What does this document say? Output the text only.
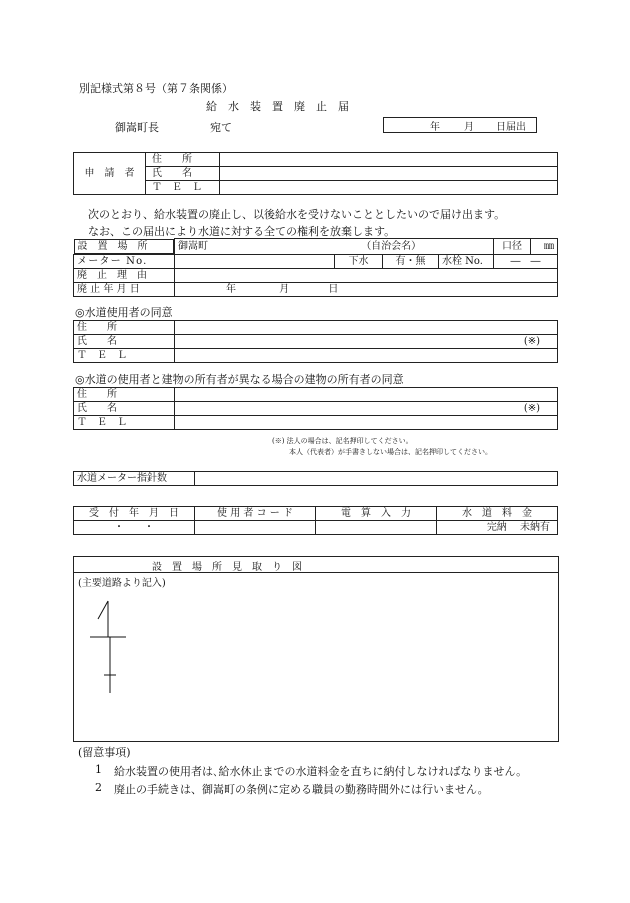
別記様式第８号（第７条関係）
給　水　装　置　廃　止　届
御嵩町長	宛て	年 月 日届出
申　請　者	住　　所	
	氏　　名	
	Ｔ　Ｅ　Ｌ	
次のとおり、給水装置の廃止し、以後給水を受けないこととしたいので届け出ます。
なお、この届出により水道に対する全ての権利を放棄します。
設　置　場　所	御嵩町 （自治会名）				口径	㎜
メーター No.		下水	有・無	水栓 No.	―　―	
廃　止　理　由						
廃 止 年 月 日	年 月 日					
◎水道使用者の同意
住　　所	
氏　　名	(※)
Ｔ　Ｅ　Ｌ	
◎水道の使用者と建物の所有者が異なる場合の建物の所有者の同意
住　　所	
氏　　名	(※)
Ｔ　Ｅ　Ｌ	
(※) 法人の場合は、記名押印してください。
本人（代表者）が手書きしない場合は、記名押印してください。
水道メーター指針数	
受　付　年　月　日	使 用 者 コ ー ド	電　算　入　力	水　道　料　金
・　　・			完納 未納有
設　置　場　所　見　取　り　図
(主要道路より記入)
(留意事項)
1 給水装置の使用者は､給水休止までの水道料金を直ちに納付しなければなりません。
2 廃止の手続きは、御嵩町の条例に定める職員の勤務時間外には行いません。
